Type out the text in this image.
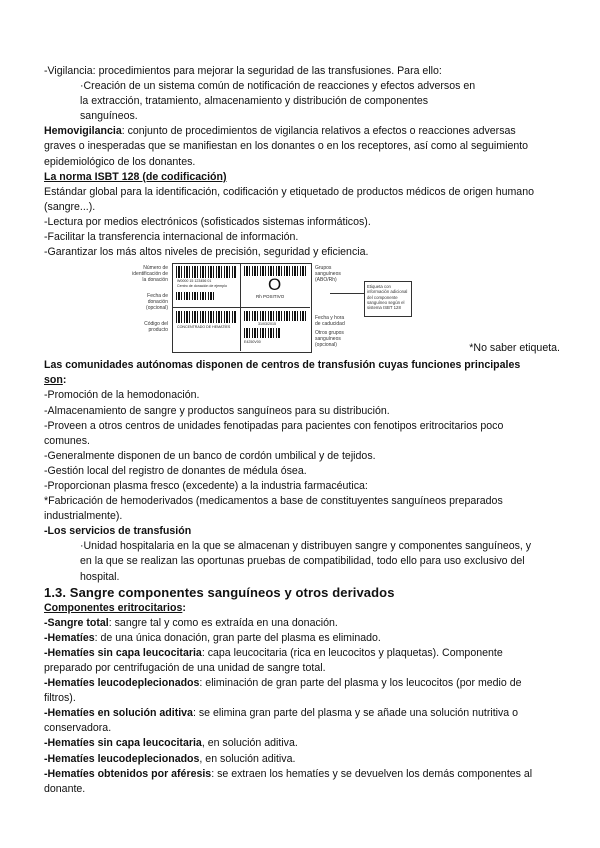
-Vigilancia: procedimientos para mejorar la seguridad de las transfusiones. Para ello:

·Creación de un sistema común de notificación de reacciones y efectos adversos en

la extracción, tratamiento, almacenamiento y distribución de componentes

sanguíneos.

Hemovigilancia: conjunto de procedimientos de vigilancia relativos a efectos o reacciones adversas

graves o inesperadas que se manifiestan en los donantes o en los receptores, así como al seguimiento

epidemiológico de los donantes.

La norma ISBT 128 (de codificación)

Estándar global para la identificación, codificación y etiquetado de productos médicos de origen humano

(sangre...).

-Lectura por medios electrónicos (sofisticados sistemas informáticos).

-Facilitar la transferencia internacional de información.

-Garantizar los más altos niveles de precisión, seguridad y eficiencia.

Número de identificación de la donación
Fecha de donación (opcional)
Código del producto
W0000 15 123456 01
Centro de donación de ejemplo	O
Rh POSITIVO
CONCENTRADO DE HEMATÍES
31/03/2015
E4250V00
Grupos sanguíneos (ABO/Rh)
Fecha y hora de caducidad
Otros grupos sanguíneos (opcional)
Etiqueta con información adicional del componente sanguíneo según el sistema ISBT 128
*No saber etiqueta.

Las comunidades autónomas disponen de centros de transfusión cuyas funciones principales

son:

-Promoción de la hemodonación.

-Almacenamiento de sangre y productos sanguíneos para su distribución.

-Proveen a otros centros de unidades fenotipadas para pacientes con fenotipos eritrocitarios poco

comunes.

-Generalmente disponen de un banco de cordón umbilical y de tejidos.

-Gestión local del registro de donantes de médula ósea.

-Proporcionan plasma fresco (excedente) a la industria farmacéutica:

*Fabricación de hemoderivados (medicamentos a base de constituyentes sanguíneos preparados

industrialmente).

-Los servicios de transfusión

·Unidad hospitalaria en la que se almacenan y distribuyen sangre y componentes sanguíneos, y

en la que se realizan las oportunas pruebas de compatibilidad, todo ello para uso exclusivo del

hospital.

1.3. Sangre componentes sanguíneos y otros derivados

Componentes eritrocitarios:

-Sangre total: sangre tal y como es extraída en una donación.

-Hematíes: de una única donación, gran parte del plasma es eliminado.

-Hematíes sin capa leucocitaria: capa leucocitaria (rica en leucocitos y plaquetas). Componente

preparado por centrifugación de una unidad de sangre total.

-Hematíes leucodeplecionados: eliminación de gran parte del plasma y los leucocitos (por medio de

filtros).

-Hematíes en solución aditiva: se elimina gran parte del plasma y se añade una solución nutritiva o

conservadora.

-Hematíes sin capa leucocitaria, en solución aditiva.

-Hematíes leucodeplecionados, en solución aditiva.

-Hematíes obtenidos por aféresis: se extraen los hematíes y se devuelven los demás componentes al

donante.
